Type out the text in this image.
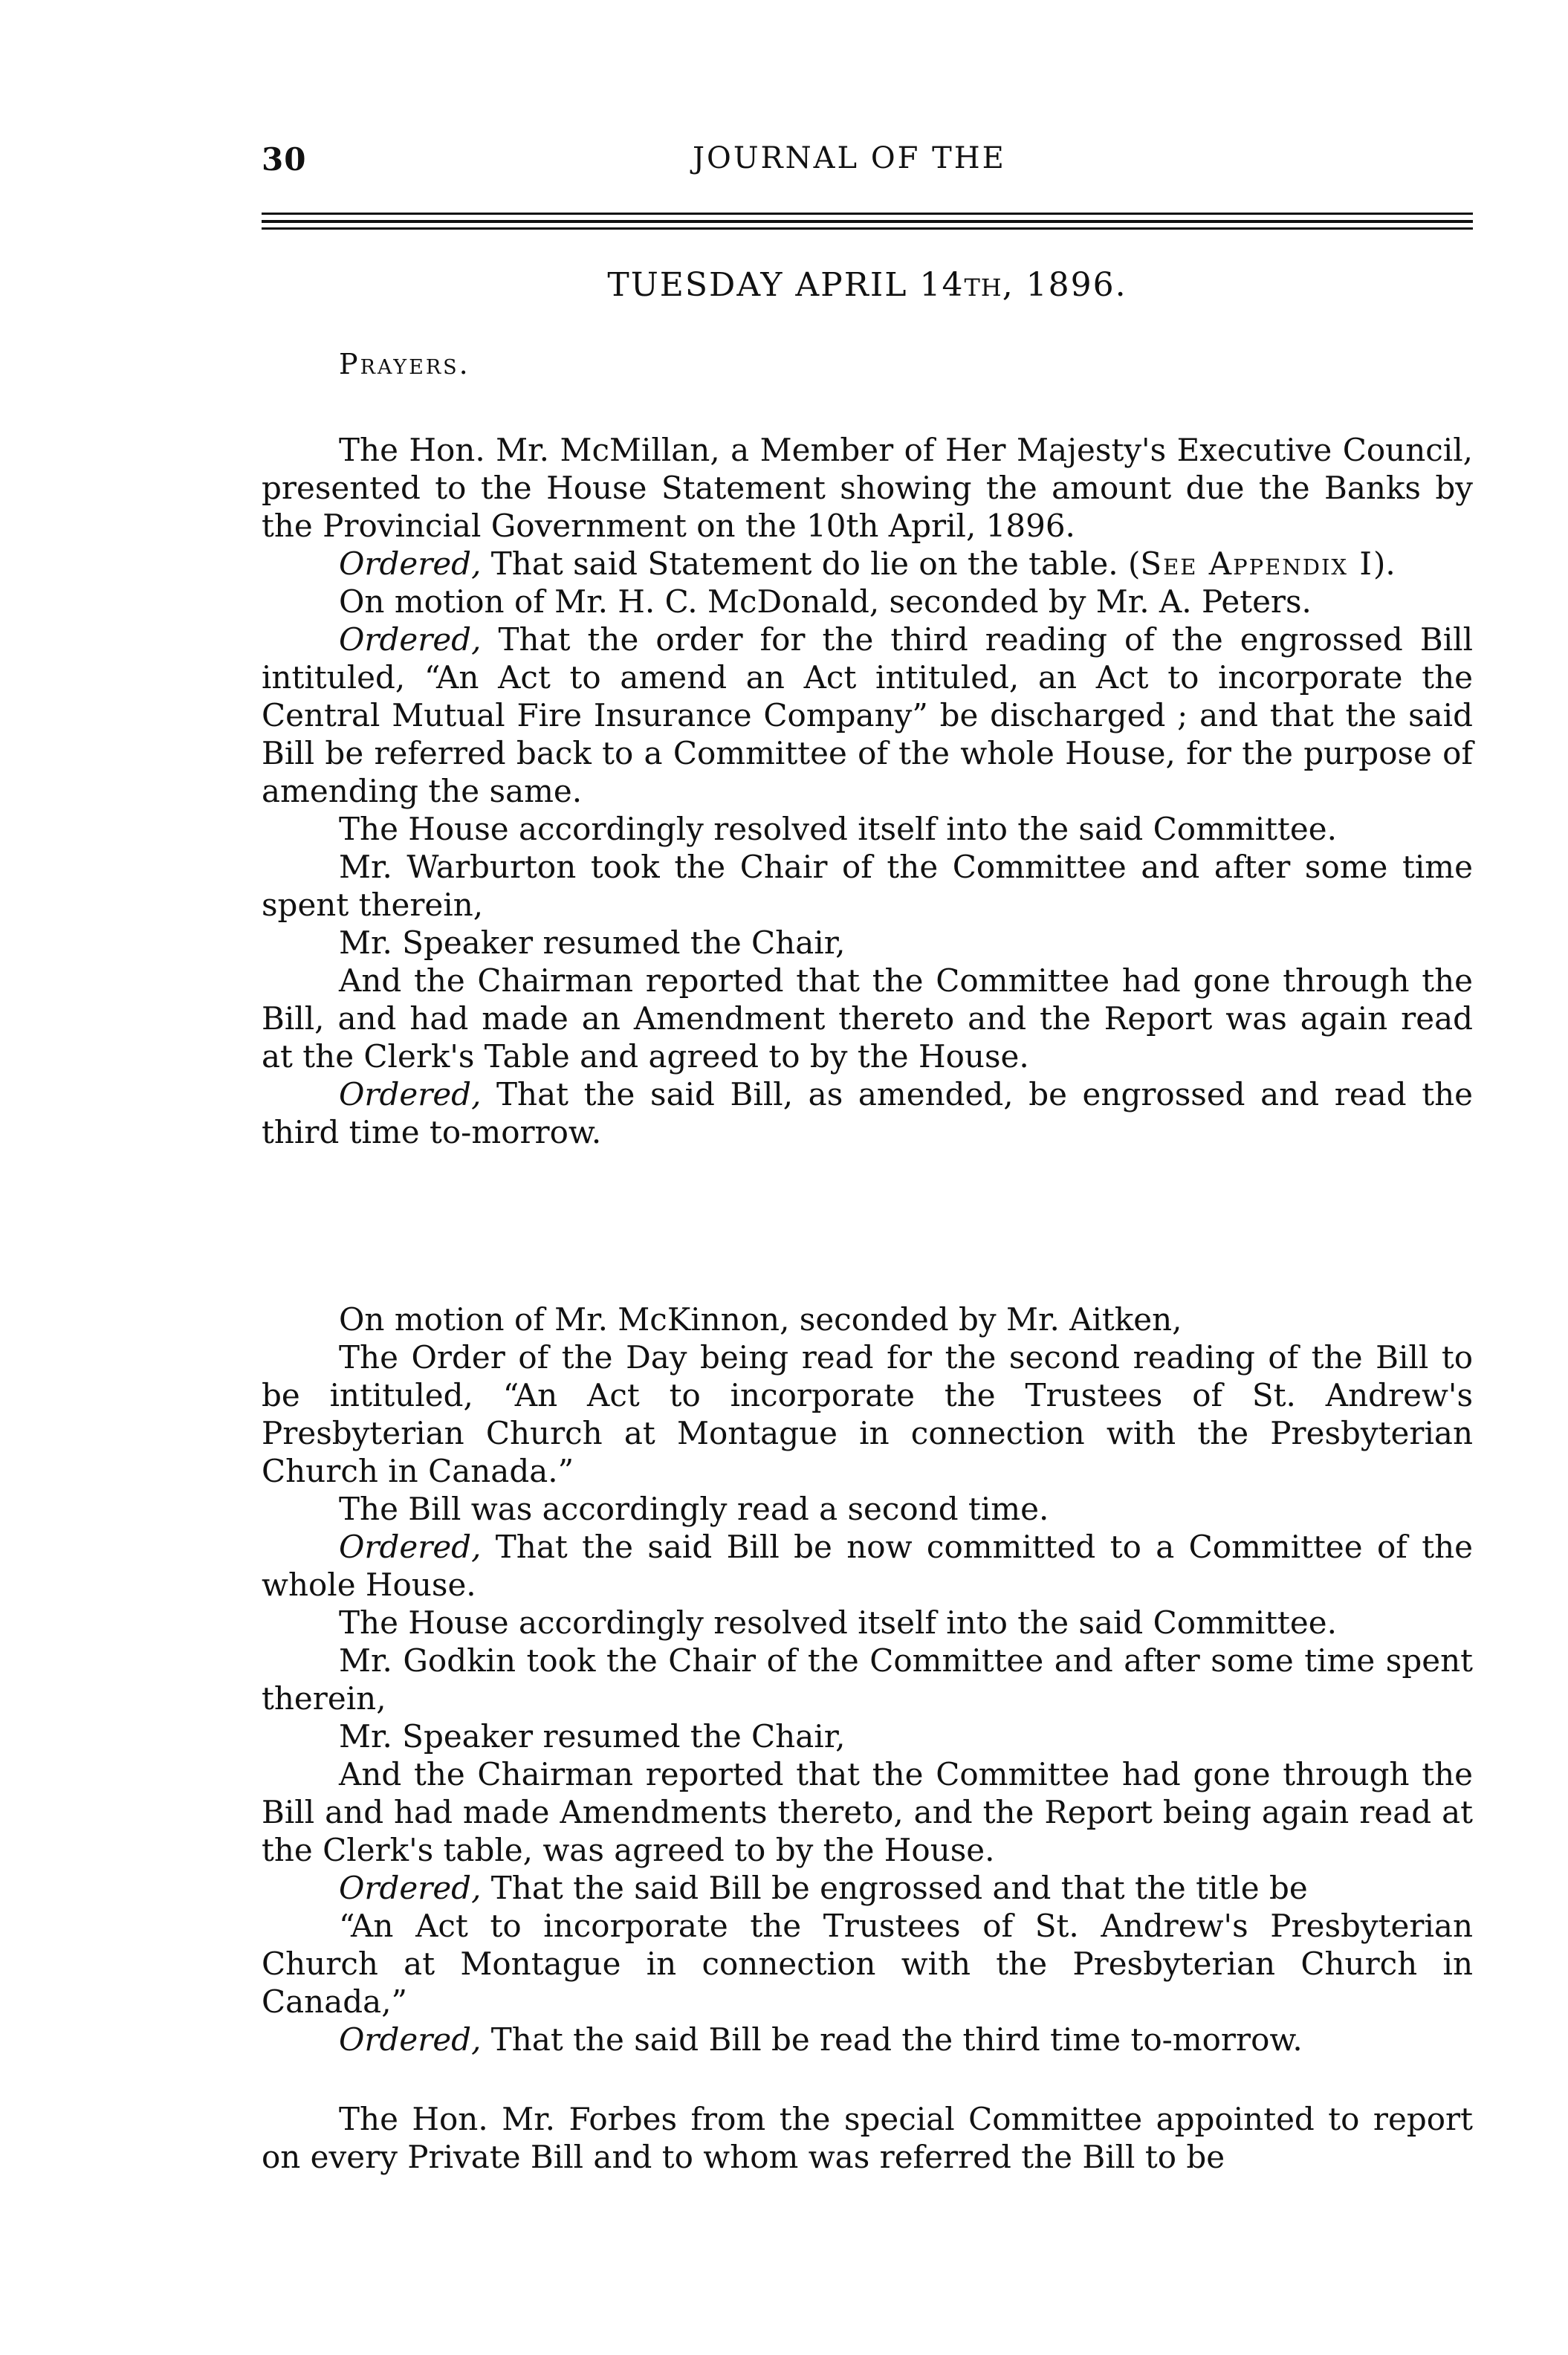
30	JOURNAL OF THE
TUESDAY APRIL 14TH, 1896.
Prayers.

The Hon. Mr. McMillan, a Member of Her Majesty's Executive Council, presented to the House Statement showing the amount due the Banks by the Provincial Government on the 10th April, 1896.

Ordered, That said Statement do lie on the table. (See Appendix I).

On motion of Mr. H. C. McDonald, seconded by Mr. A. Peters.

Ordered, That the order for the third reading of the engrossed Bill intituled, “An Act to amend an Act intituled, an Act to incorporate the Central Mutual Fire Insurance Company” be discharged ; and that the said Bill be referred back to a Committee of the whole House, for the purpose of amending the same.

The House accordingly resolved itself into the said Committee.

Mr. Warburton took the Chair of the Committee and after some time spent therein,

Mr. Speaker resumed the Chair,

And the Chairman reported that the Committee had gone through the Bill, and had made an Amendment thereto and the Report was again read at the Clerk's Table and agreed to by the House.

Ordered, That the said Bill, as amended, be engrossed and read the third time to-morrow.

On motion of Mr. McKinnon, seconded by Mr. Aitken,

The Order of the Day being read for the second reading of the Bill to be intituled, “An Act to incorporate the Trustees of St. Andrew's Presbyterian Church at Montague in connection with the Presbyterian Church in Canada.”

The Bill was accordingly read a second time.

Ordered, That the said Bill be now committed to a Committee of the whole House.

The House accordingly resolved itself into the said Committee.

Mr. Godkin took the Chair of the Committee and after some time spent therein,

Mr. Speaker resumed the Chair,

And the Chairman reported that the Committee had gone through the Bill and had made Amendments thereto, and the Report being again read at the Clerk's table, was agreed to by the House.

Ordered, That the said Bill be engrossed and that the title be

“An Act to incorporate the Trustees of St. Andrew's Presbyterian Church at Montague in connection with the Presbyterian Church in Canada,”

Ordered, That the said Bill be read the third time to-morrow.

The Hon. Mr. Forbes from the special Committee appointed to report on every Private Bill and to whom was referred the Bill to be
